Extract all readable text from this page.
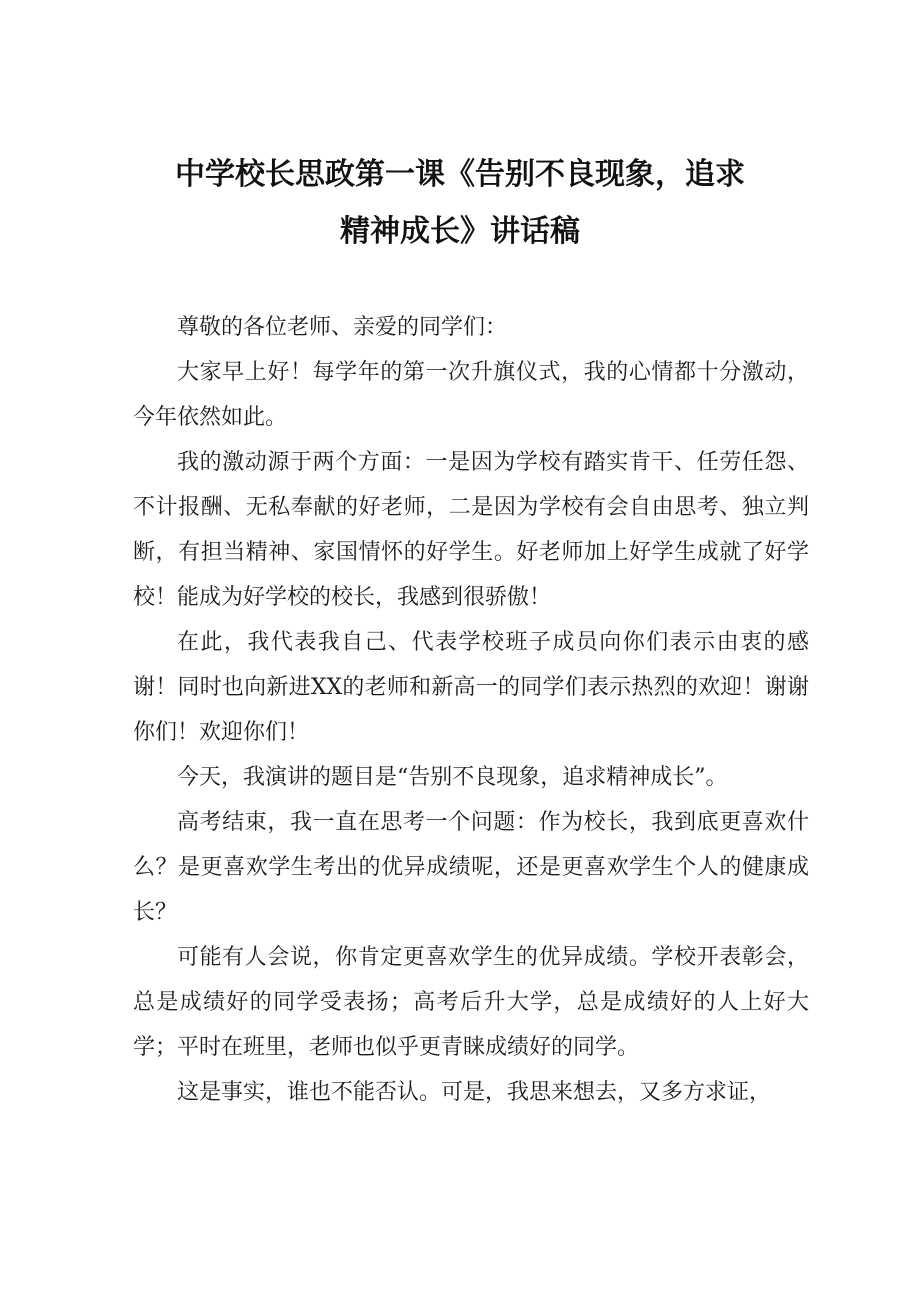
中学校长思政第一课《告别不良现象，追求
精神成长》讲话稿

尊敬的各位老师、亲爱的同学们：

大家早上好！每学年的第一次升旗仪式，我的心情都十分激动，今年依然如此。

我的激动源于两个方面：一是因为学校有踏实肯干、任劳任怨、不计报酬、无私奉献的好老师，二是因为学校有会自由思考、独立判断，有担当精神、家国情怀的好学生。好老师加上好学生成就了好学校！能成为好学校的校长，我感到很骄傲！

在此，我代表我自己、代表学校班子成员向你们表示由衷的感谢！同时也向新进XX的老师和新高一的同学们表示热烈的欢迎！谢谢你们！欢迎你们！

今天，我演讲的题目是“告别不良现象，追求精神成长”。

高考结束，我一直在思考一个问题：作为校长，我到底更喜欢什么？是更喜欢学生考出的优异成绩呢，还是更喜欢学生个人的健康成长？

可能有人会说，你肯定更喜欢学生的优异成绩。学校开表彰会，总是成绩好的同学受表扬；高考后升大学，总是成绩好的人上好大学；平时在班里，老师也似乎更青睐成绩好的同学。

这是事实，谁也不能否认。可是，我思来想去，又多方求证，
